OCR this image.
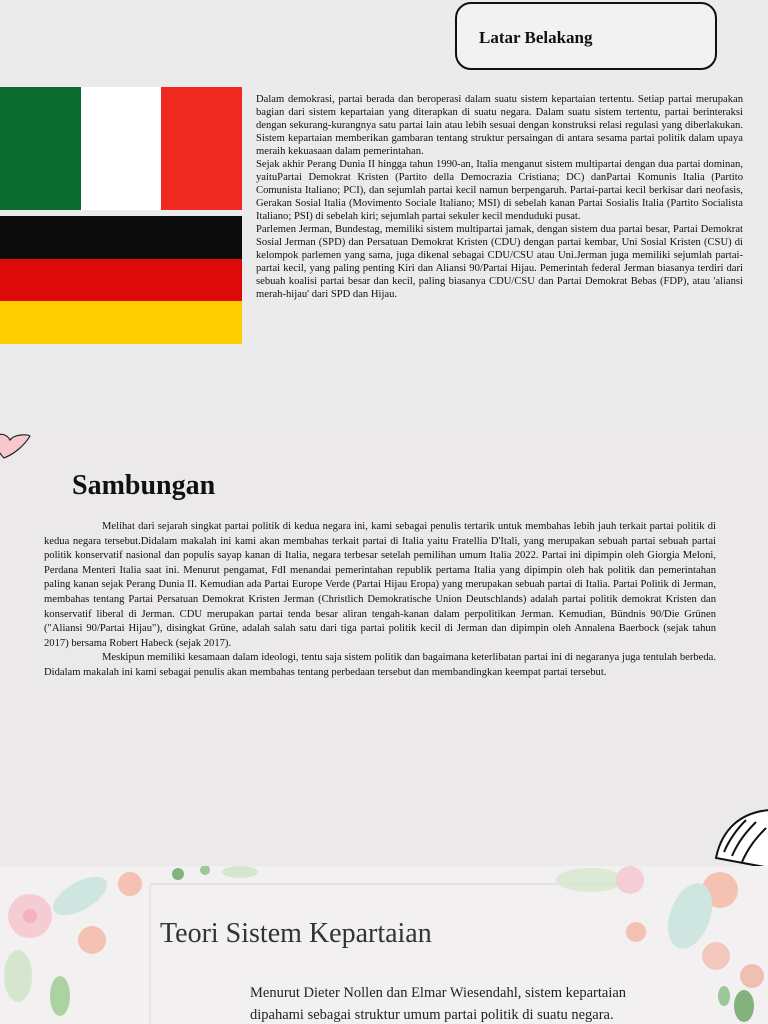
Latar Belakang

Dalam demokrasi, partai berada dan beroperasi dalam suatu sistem kepartaian tertentu. Setiap partai merupakan bagian dari sistem kepartaian yang diterapkan di suatu negara. Dalam suatu sistem tertentu, partai berinteraksi dengan sekurang-kurangnya satu partai lain atau lebih sesuai dengan konstruksi relasi regulasi yang diberlakukan. Sistem kepartaian memberikan gambaran tentang struktur persaingan di antara sesama partai politik dalam upaya meraih kekuasaan dalam pemerintahan.

Sejak akhir Perang Dunia II hingga tahun 1990-an, Italia menganut sistem multipartai dengan dua partai dominan, yaituPartai Demokrat Kristen (Partito della Democrazia Cristiana; DC) danPartai Komunis Italia (Partito Comunista Italiano; PCI), dan sejumlah partai kecil namun berpengaruh. Partai-partai kecil berkisar dari neofasis, Gerakan Sosial Italia (Movimento Sociale Italiano; MSI) di sebelah kanan Partai Sosialis Italia (Partito Socialista Italiano; PSI) di sebelah kiri; sejumlah partai sekuler kecil menduduki pusat.

Parlemen Jerman, Bundestag, memiliki sistem multipartai jamak, dengan sistem dua partai besar, Partai Demokrat Sosial Jerman (SPD) dan Persatuan Demokrat Kristen (CDU) dengan partai kembar, Uni Sosial Kristen (CSU) di kelompok parlemen yang sama, juga dikenal sebagai CDU/CSU atau Uni.Jerman juga memiliki sejumlah partai-partai kecil, yang paling penting Kiri dan Aliansi 90/Partai Hijau. Pemerintah federal Jerman biasanya terdiri dari sebuah koalisi partai besar dan kecil, paling biasanya CDU/CSU dan Partai Demokrat Bebas (FDP), atau 'aliansi merah-hijau' dari SPD dan Hijau.

Sambungan

Melihat dari sejarah singkat partai politik di kedua negara ini, kami sebagai penulis tertarik untuk membahas lebih jauh terkait partai politik di kedua negara tersebut.Didalam makalah ini kami akan membahas terkait partai di Italia yaitu Fratellia D'Itali, yang merupakan sebuah partai sebuah partai politik konservatif nasional dan populis sayap kanan di Italia, negara terbesar setelah pemilihan umum Italia 2022. Partai ini dipimpin oleh Giorgia Meloni, Perdana Menteri Italia saat ini. Menurut pengamat, FdI menandai pemerintahan republik pertama Italia yang dipimpin oleh hak politik dan pemerintahan paling kanan sejak Perang Dunia II. Kemudian ada Partai Europe Verde (Partai Hijau Eropa) yang merupakan sebuah partai di Italia. Partai Politik di Jerman, membahas tentang Partai Persatuan Demokrat Kristen Jerman (Christlich Demokratische Union Deutschlands) adalah partai politik demokrat Kristen dan konservatif liberal di Jerman. CDU merupakan partai tenda besar aliran tengah-kanan dalam perpolitikan Jerman. Kemudian, Bündnis 90/Die Grünen ("Aliansi 90/Partai Hijau"), disingkat Grüne, adalah salah satu dari tiga partai politik kecil di Jerman dan dipimpin oleh Annalena Baerbock (sejak tahun 2017) bersama Robert Habeck (sejak 2017).

Meskipun memiliki kesamaan dalam ideologi, tentu saja sistem politik dan bagaimana keterlibatan partai ini di negaranya juga tentulah berbeda. Didalam makalah ini kami sebagai penulis akan membahas tentang perbedaan tersebut dan membandingkan keempat partai tersebut.

Teori Sistem Kepartaian

Menurut Dieter Nollen dan Elmar Wiesendahl, sistem kepartaian dipahami sebagai struktur umum partai politik di suatu negara.
